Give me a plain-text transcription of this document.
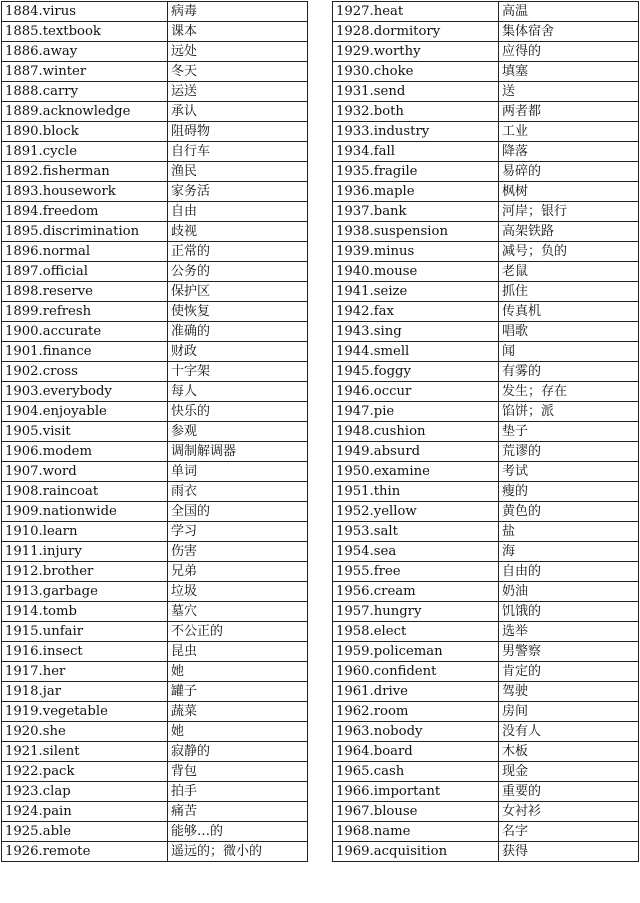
1884.virus	病毒
1885.textbook	课本
1886.away	远处
1887.winter	冬天
1888.carry	运送
1889.acknowledge	承认
1890.block	阻碍物
1891.cycle	自行车
1892.fisherman	渔民
1893.housework	家务活
1894.freedom	自由
1895.discrimination	歧视
1896.normal	正常的
1897.official	公务的
1898.reserve	保护区
1899.refresh	使恢复
1900.accurate	准确的
1901.finance	财政
1902.cross	十字架
1903.everybody	每人
1904.enjoyable	快乐的
1905.visit	参观
1906.modem	调制解调器
1907.word	单词
1908.raincoat	雨衣
1909.nationwide	全国的
1910.learn	学习
1911.injury	伤害
1912.brother	兄弟
1913.garbage	垃圾
1914.tomb	墓穴
1915.unfair	不公正的
1916.insect	昆虫
1917.her	她
1918.jar	罐子
1919.vegetable	蔬菜
1920.she	她
1921.silent	寂静的
1922.pack	背包
1923.clap	拍手
1924.pain	痛苦
1925.able	能够…的
1926.remote	遥远的；微小的
1927.heat	高温
1928.dormitory	集体宿舍
1929.worthy	应得的
1930.choke	填塞
1931.send	送
1932.both	两者都
1933.industry	工业
1934.fall	降落
1935.fragile	易碎的
1936.maple	枫树
1937.bank	河岸；银行
1938.suspension	高架铁路
1939.minus	减号；负的
1940.mouse	老鼠
1941.seize	抓住
1942.fax	传真机
1943.sing	唱歌
1944.smell	闻
1945.foggy	有雾的
1946.occur	发生；存在
1947.pie	馅饼；派
1948.cushion	垫子
1949.absurd	荒谬的
1950.examine	考试
1951.thin	瘦的
1952.yellow	黄色的
1953.salt	盐
1954.sea	海
1955.free	自由的
1956.cream	奶油
1957.hungry	饥饿的
1958.elect	选举
1959.policeman	男警察
1960.confident	肯定的
1961.drive	驾驶
1962.room	房间
1963.nobody	没有人
1964.board	木板
1965.cash	现金
1966.important	重要的
1967.blouse	女衬衫
1968.name	名字
1969.acquisition	获得
